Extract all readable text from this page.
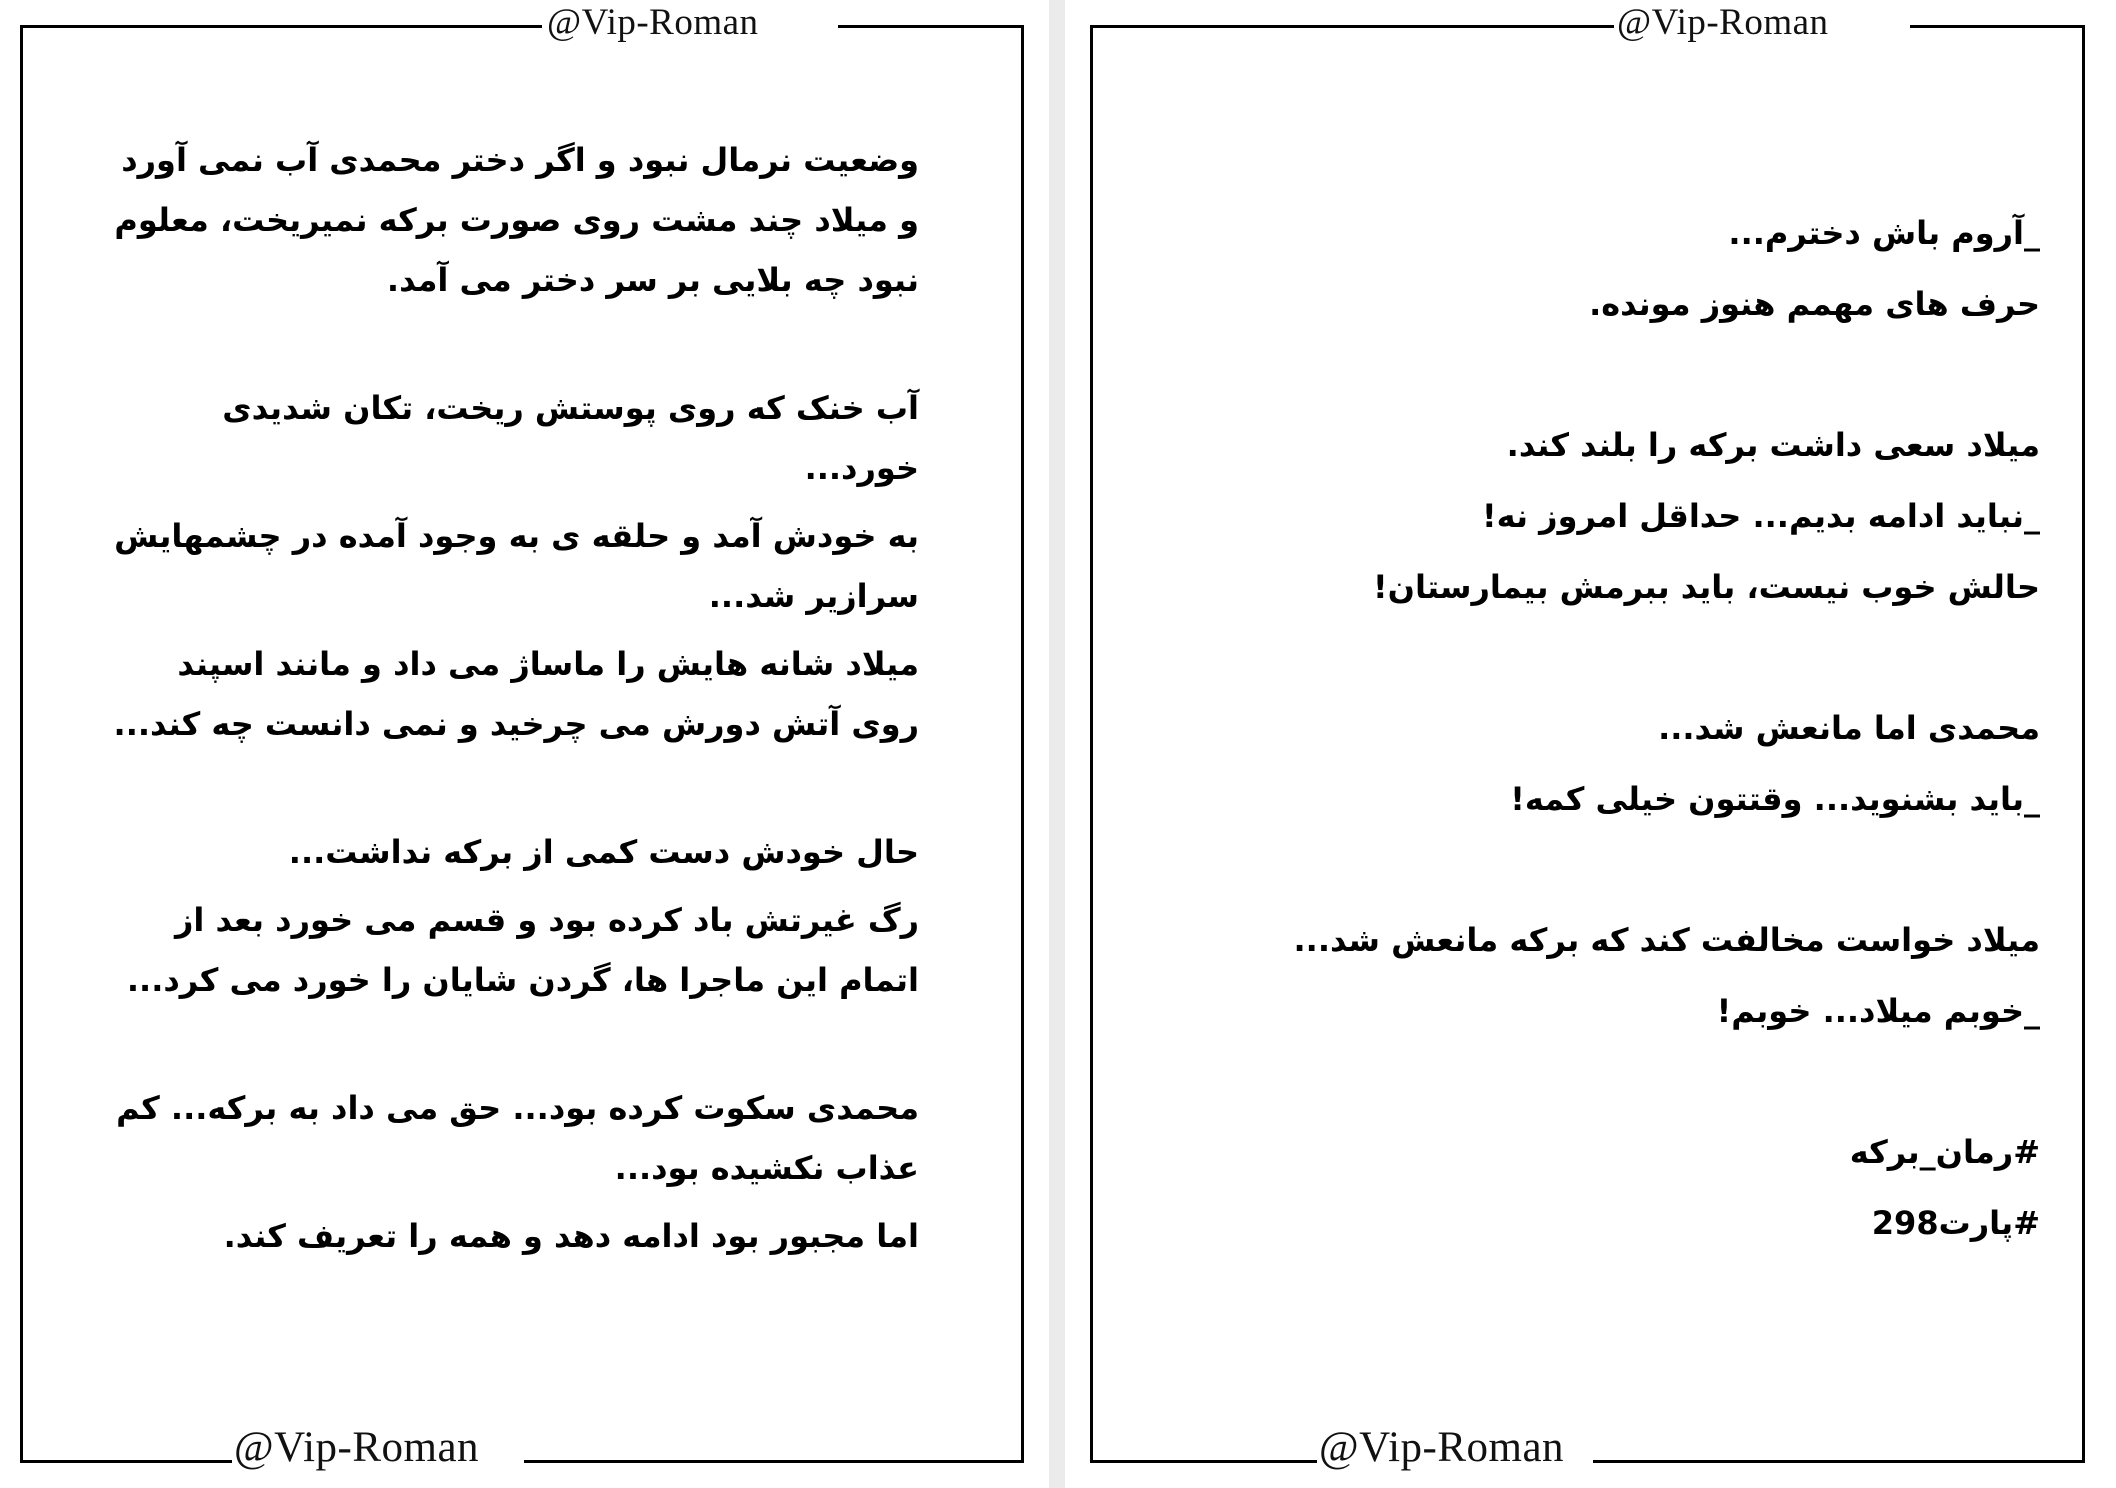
@Vip-Roman
@Vip-Roman
وضعیت نرمال نبود و اگر دختر محمدی آب نمی آورد
و میلاد چند مشت روی صورت برکه نمیریخت، معلوم
نبود چه بلایی بر سر دختر می آمد.
آب خنک که روی پوستش ریخت، تکان شدیدی
خورد...
به خودش آمد و حلقه ی به وجود آمده در چشمهایش
سرازیر شد...
میلاد شانه هایش را ماساژ می داد و مانند اسپند
روی آتش دورش می چرخید و نمی دانست چه کند...
حال خودش دست کمی از برکه نداشت...
رگ غیرتش باد کرده بود و قسم می خورد بعد از
اتمام این ماجرا ها، گردن شایان را خورد می کرد...
محمدی سکوت کرده بود... حق می داد به برکه... کم
عذاب نکشیده بود...
اما مجبور بود ادامه دهد و همه را تعریف کند.
@Vip-Roman
@Vip-Roman
_آروم باش دخترم...
حرف های مهمم هنوز مونده.
میلاد سعی داشت برکه را بلند کند.
_نباید ادامه بدیم... حداقل امروز نه!
حالش خوب نیست، باید ببرمش بیمارستان!
محمدی اما مانعش شد...
_باید بشنوید... وقتتون خیلی کمه!
میلاد خواست مخالفت کند که برکه مانعش شد...
_خوبم میلاد... خوبم!
#رمان_برکه
#پارت298
